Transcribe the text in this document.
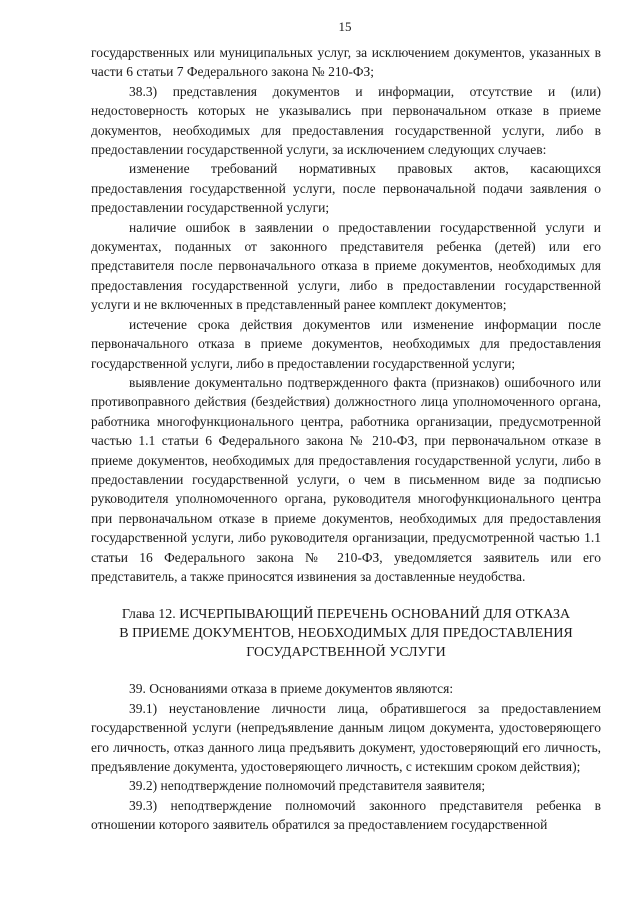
15

государственных или муниципальных услуг, за исключением документов, указанных в части 6 статьи 7 Федерального закона № 210-ФЗ;

38.3) представления документов и информации, отсутствие и (или) недостоверность которых не указывались при первоначальном отказе в приеме документов, необходимых для предоставления государственной услуги, либо в предоставлении государственной услуги, за исключением следующих случаев:

изменение требований нормативных правовых актов, касающихся предоставления государственной услуги, после первоначальной подачи заявления о предоставлении государственной услуги;

наличие ошибок в заявлении о предоставлении государственной услуги и документах, поданных от законного представителя ребенка (детей) или его представителя после первоначального отказа в приеме документов, необходимых для предоставления государственной услуги, либо в предоставлении государственной услуги и не включенных в представленный ранее комплект документов;

истечение срока действия документов или изменение информации после первоначального отказа в приеме документов, необходимых для предоставления государственной услуги, либо в предоставлении государственной услуги;

выявление документально подтвержденного факта (признаков) ошибочного или противоправного действия (бездействия) должностного лица уполномоченного органа, работника многофункционального центра, работника организации, предусмотренной частью 1.1 статьи 6 Федерального закона № 210-ФЗ, при первоначальном отказе в приеме документов, необходимых для предоставления государственной услуги, либо в предоставлении государственной услуги, о чем в письменном виде за подписью руководителя уполномоченного органа, руководителя многофункционального центра при первоначальном отказе в приеме документов, необходимых для предоставления государственной услуги, либо руководителя организации, предусмотренной частью 1.1 статьи 16 Федерального закона № 210-ФЗ, уведомляется заявитель или его представитель, а также приносятся извинения за доставленные неудобства.

Глава 12. ИСЧЕРПЫВАЮЩИЙ ПЕРЕЧЕНЬ ОСНОВАНИЙ ДЛЯ ОТКАЗА
В ПРИЕМЕ ДОКУМЕНТОВ, НЕОБХОДИМЫХ ДЛЯ ПРЕДОСТАВЛЕНИЯ
ГОСУДАРСТВЕННОЙ УСЛУГИ

39. Основаниями отказа в приеме документов являются:

39.1) неустановление личности лица, обратившегося за предоставлением государственной услуги (непредъявление данным лицом документа, удостоверяющего его личность, отказ данного лица предъявить документ, удостоверяющий его личность, предъявление документа, удостоверяющего личность, с истекшим сроком действия);

39.2) неподтверждение полномочий представителя заявителя;

39.3) неподтверждение полномочий законного представителя ребенка в отношении которого заявитель обратился за предоставлением государственной
